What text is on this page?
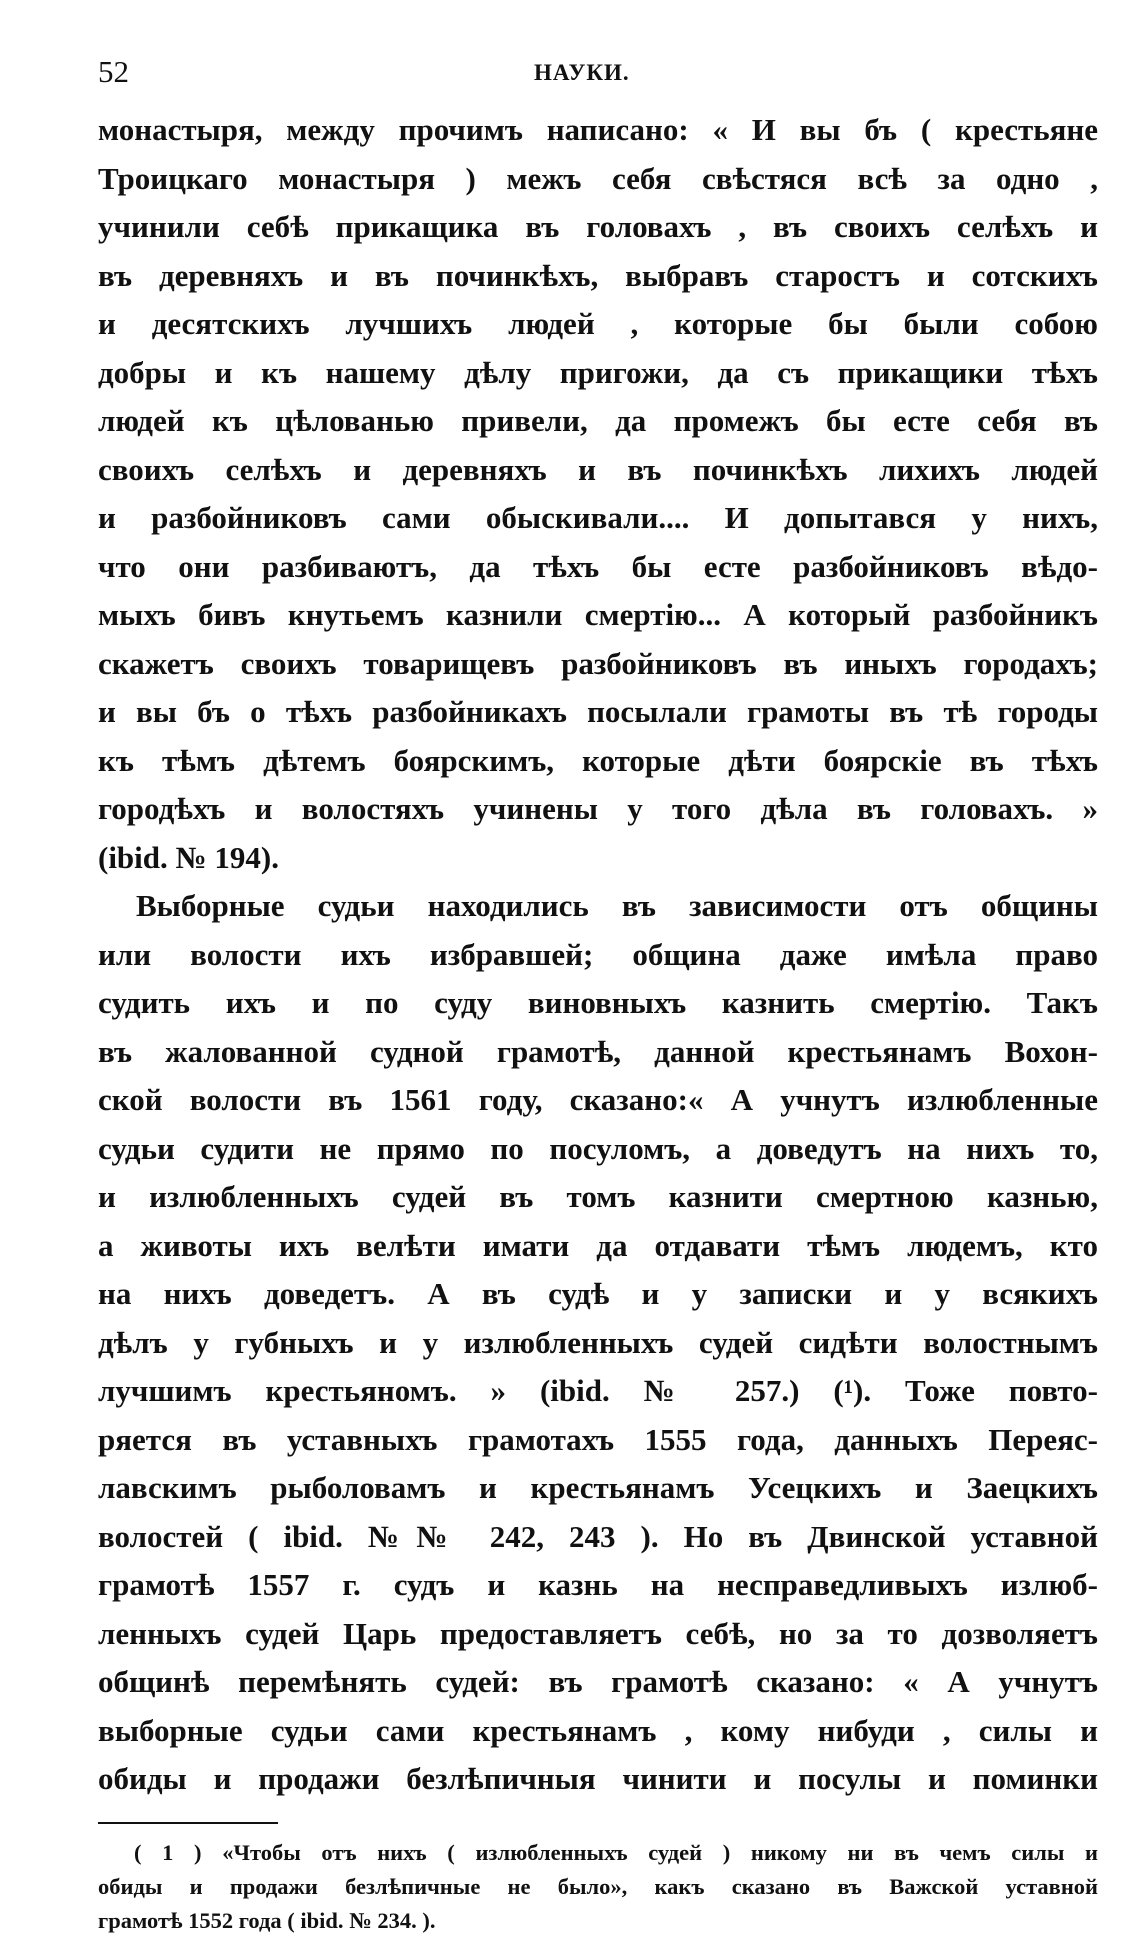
52	НАУКИ.
монастыря, между прочимъ написано: « И вы бъ ( крестьяне
Троицкаго монастыря ) межъ себя свѣстяся всѣ за одно ,
учинили себѣ прикащика въ головахъ , въ своихъ селѣхъ и
въ деревняхъ и въ починкѣхъ, выбравъ старостъ и сотскихъ
и десятскихъ лучшихъ людей , которые бы были собою
добры и къ нашему дѣлу пригожи, да съ прикащики тѣхъ
людей къ цѣлованью привели, да промежъ бы есте себя въ
своихъ селѣхъ и деревняхъ и въ починкѣхъ лихихъ людей
и разбойниковъ сами обыскивали.... И допытався у нихъ,
что они разбиваютъ, да тѣхъ бы есте разбойниковъ вѣдо-
мыхъ бивъ кнутьемъ казнили смертію... А который разбойникъ
скажетъ своихъ товарищевъ разбойниковъ въ иныхъ городахъ;
и вы бъ о тѣхъ разбойникахъ посылали грамоты въ тѣ городы
къ тѣмъ дѣтемъ боярскимъ, которые дѣти боярскіе въ тѣхъ
городѣхъ и волостяхъ учинены у того дѣла въ головахъ. »
(ibid. № 194).
Выборные судьи находились въ зависимости отъ общины
или волости ихъ избравшей; община даже имѣла право
судить ихъ и по суду виновныхъ казнить смертію. Такъ
въ жалованной судной грамотѣ, данной крестьянамъ Вохон-
ской волости въ 1561 году, сказано:« А учнутъ излюбленные
судьи судити не прямо по посуломъ, а доведутъ на нихъ то,
и излюбленныхъ судей въ томъ казнити смертною казнью,
а животы ихъ велѣти имати да отдавати тѣмъ людемъ, кто
на нихъ доведетъ. А въ судѣ и у записки и у всякихъ
дѣлъ у губныхъ и у излюбленныхъ судей сидѣти волостнымъ
лучшимъ крестьяномъ. » (ibid. № 257.) (¹). Тоже повто-
ряется въ уставныхъ грамотахъ 1555 года, данныхъ Переяс-
лавскимъ рыболовамъ и крестьянамъ Усецкихъ и Заецкихъ
волостей ( ibid. №№ 242, 243 ). Но въ Двинской уставной
грамотѣ 1557 г. судъ и казнь на несправедливыхъ излюб-
ленныхъ судей Царь предоставляетъ себѣ, но за то дозволяетъ
общинѣ перемѣнять судей: въ грамотѣ сказано: « А учнутъ
выборные судьи сами крестьянамъ , кому нибуди , силы и
обиды и продажи безлѣпичныя чинити и посулы и поминки
( 1 ) «Чтобы отъ нихъ ( излюбленныхъ судей ) никому ни въ чемъ силы и
обиды и продажи безлѣпичные не было», какъ сказано въ Важской уставной
грамотѣ 1552 года ( ibid. № 234. ).
